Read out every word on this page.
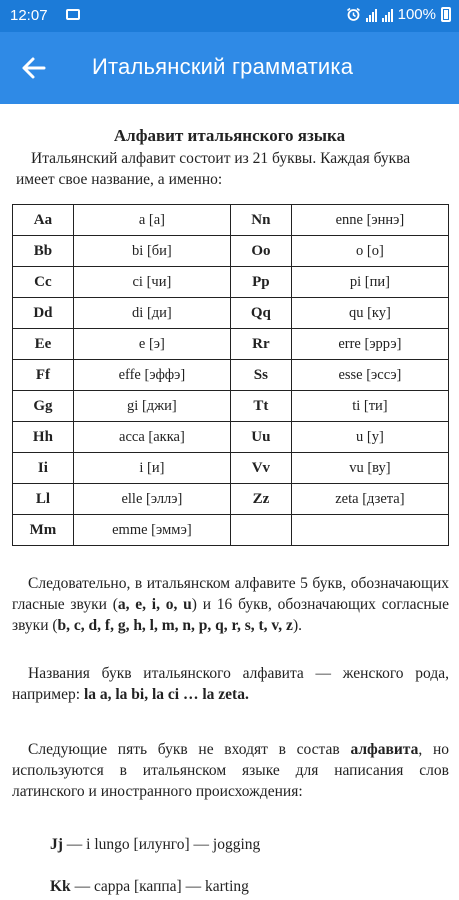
12:07	100%
Итальянский грамматика
Алфавит итальянского языка
Итальянский алфавит состоит из 21 буквы. Каждая буква имеет свое название, а именно:
Aa	a [а]	Nn	enne [эннэ]
Bb	bi [би]	Oo	o [о]
Cc	ci [чи]	Pp	pi [пи]
Dd	di [ди]	Qq	qu [ку]
Ee	e [э]	Rr	erre [эррэ]
Ff	effe [эффэ]	Ss	esse [эссэ]
Gg	gi [джи]	Tt	ti [ти]
Hh	acca [акка]	Uu	u [у]
Ii	i [и]	Vv	vu [ву]
Ll	elle [эллэ]	Zz	zeta [дзета]
Mm	emme [эммэ]		
Следовательно, в итальянском алфавите 5 букв, обозначающих гласные звуки (a, e, i, o, u) и 16 букв, обозначающих согласные звуки (b, c, d, f, g, h, l, m, n, p, q, r, s, t, v, z).
Названия букв итальянского алфавита — женского рода, например: la a, la bi, la ci … la zeta.
Следующие пять букв не входят в состав алфавита, но используются в итальянском языке для написания слов латинского и иностранного происхождения:
Jj — i lungo [илунго] — jogging
Kk — cappa [каппа] — karting
